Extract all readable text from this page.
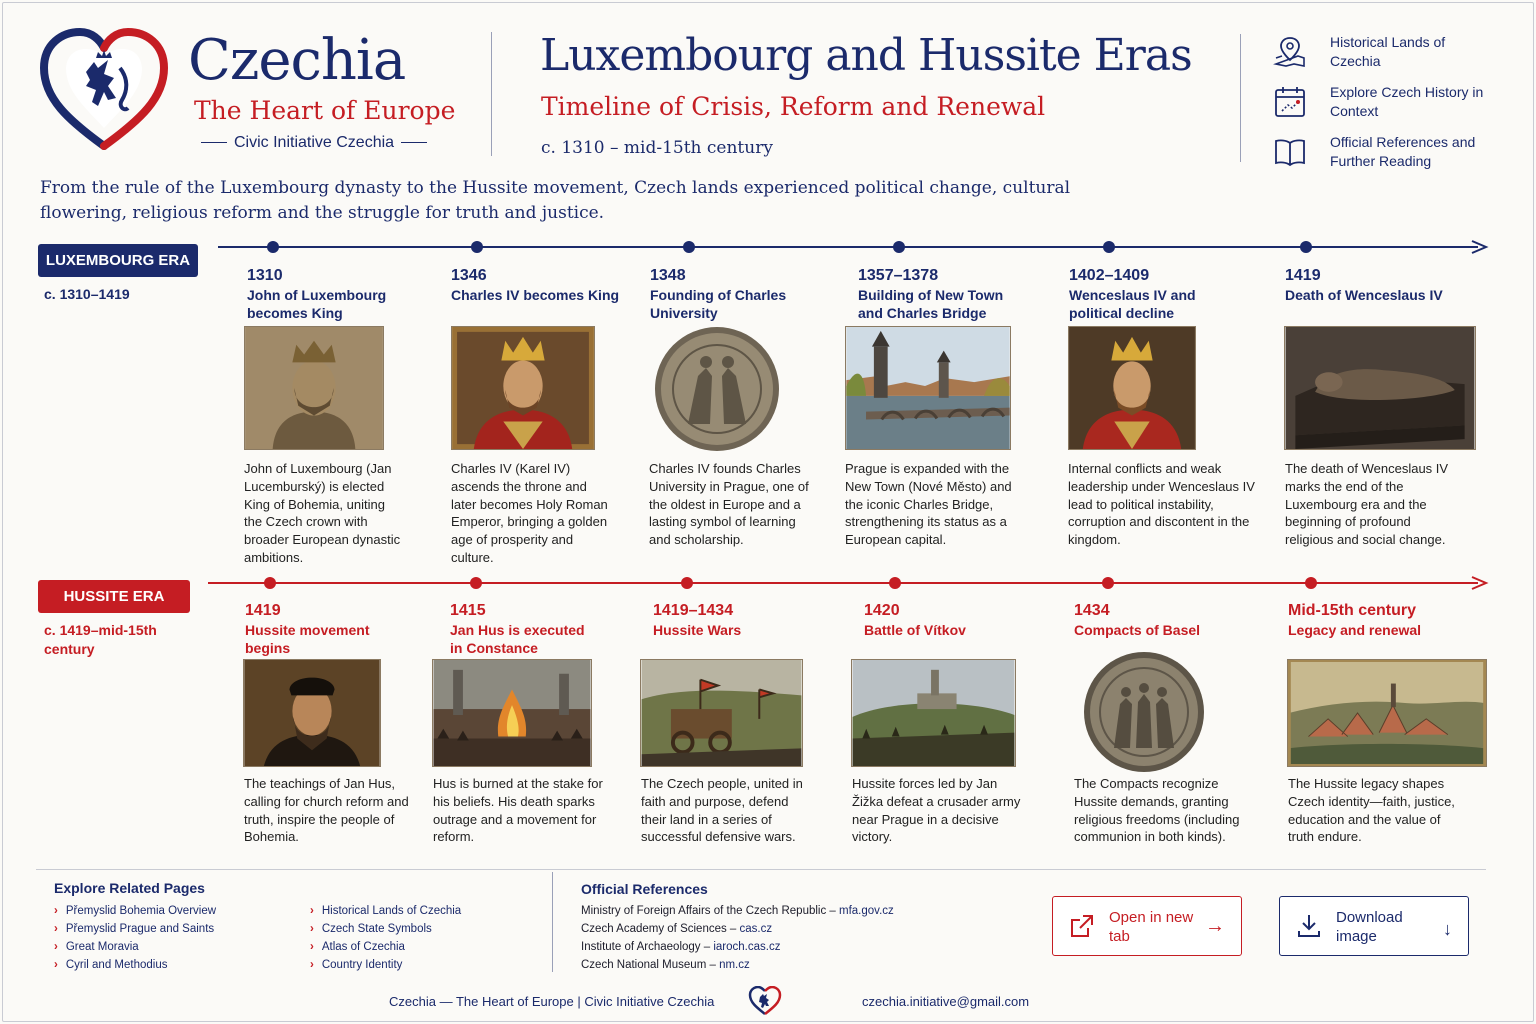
Czechia
The Heart of Europe
Civic Initiative Czechia
Luxembourg and Hussite Eras
Timeline of Crisis, Reform and Renewal
c. 1310 – mid-15th century
Historical Lands of Czechia
Explore Czech History in Context
Official References and Further Reading
From the rule of the Luxembourg dynasty to the Hussite movement, Czech lands experienced political change, cultural flowering, religious reform and the struggle for truth and justice.
LUXEMBOURG ERA
c. 1310–1419
HUSSITE ERA
c. 1419–mid-15th century
1310
John of Luxembourg becomes King
John of Luxembourg (Jan Lucemburský) is elected King of Bohemia, uniting the Czech crown with broader European dynastic ambitions.
1346
Charles IV becomes King
Charles IV (Karel IV) ascends the throne and later becomes Holy Roman Emperor, bringing a golden age of prosperity and culture.
1348
Founding of Charles University
Charles IV founds Charles University in Prague, one of the oldest in Europe and a lasting symbol of learning and scholarship.
1357–1378
Building of New Town and Charles Bridge
Prague is expanded with the New Town (Nové Město) and the iconic Charles Bridge, strengthening its status as a European capital.
1402–1409
Wenceslaus IV and political decline
Internal conflicts and weak leadership under Wenceslaus IV lead to political instability, corruption and discontent in the kingdom.
1419
Death of Wenceslaus IV
The death of Wenceslaus IV marks the end of the Luxembourg era and the beginning of profound religious and social change.
1419
Hussite movement begins
The teachings of Jan Hus, calling for church reform and truth, inspire the people of Bohemia.
1415
Jan Hus is executed in Constance
Hus is burned at the stake for his beliefs. His death sparks outrage and a movement for reform.
1419–1434
Hussite Wars
The Czech people, united in faith and purpose, defend their land in a series of successful defensive wars.
1420
Battle of Vítkov
Hussite forces led by Jan Žižka defeat a crusader army near Prague in a decisive victory.
1434
Compacts of Basel
The Compacts recognize Hussite demands, granting religious freedoms (including communion in both kinds).
Mid-15th century
Legacy and renewal
The Hussite legacy shapes Czech identity—faith, justice, education and the value of truth endure.
Explore Related Pages
› Přemyslid Bohemia Overview
› Přemyslid Prague and Saints
› Great Moravia
› Cyril and Methodius
› Historical Lands of Czechia
› Czech State Symbols
› Atlas of Czechia
› Country Identity
Official References
Ministry of Foreign Affairs of the Czech Republic – mfa.gov.cz
Czech Academy of Sciences – cas.cz
Institute of Archaeology – iaroch.cas.cz
Czech National Museum – nm.cz
Open in new tab	→	Download image	↓
Czechia — The Heart of Europe | Civic Initiative Czechia	czechia.initiative@gmail.com
